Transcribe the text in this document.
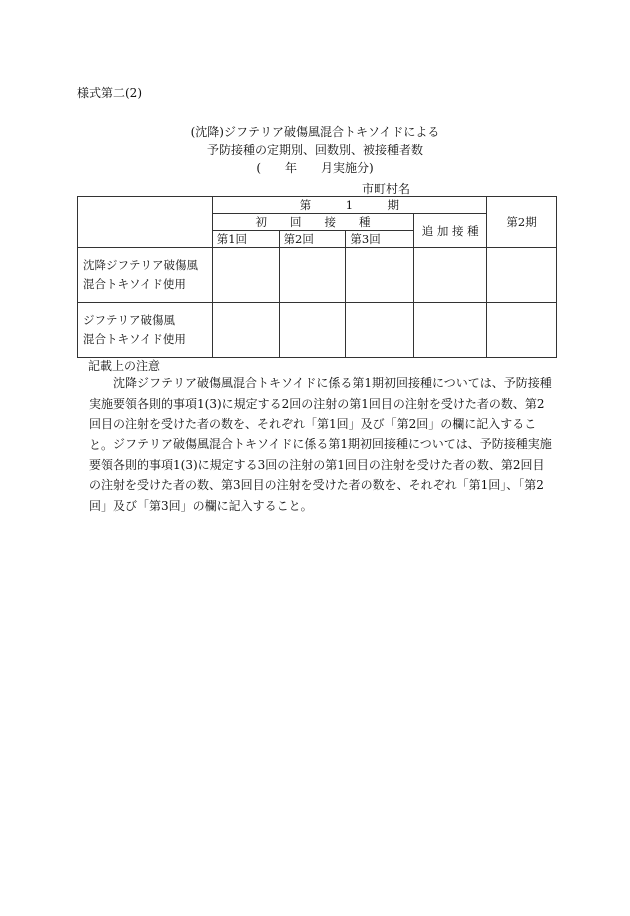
様式第二(2)
(沈降)ジフテリア破傷風混合トキソイドによる
予防接種の定期別、回数別、被接種者数
(　　年　　月実施分)
市町村名
	第　　　1　　　期				第2期
	初　　回　　接　　種			追 加 接 種	
	第1回	第2回	第3回		

沈降ジフテリア破傷風
混合トキソイド使用					

ジフテリア破傷風
混合トキソイド使用					

記載上の注意

沈降ジフテリア破傷風混合トキソイドに係る第1期初回接種については、予防接種実施要領各則的事項1(3)に規定する2回の注射の第1回目の注射を受けた者の数、第2回目の注射を受けた者の数を、それぞれ「第1回」及び「第2回」の欄に記入すること。 ジフテリア破傷風混合トキソイドに係る第1期初回接種については、予防接種実施要領各則的事項1(3)に規定する3回の注射の第1回目の注射を受けた者の数、第2回目の注射を受けた者の数、第3回目の注射を受けた者の数を、それぞれ「第1回」、「第2回」及び「第3回」の欄に記入すること。
